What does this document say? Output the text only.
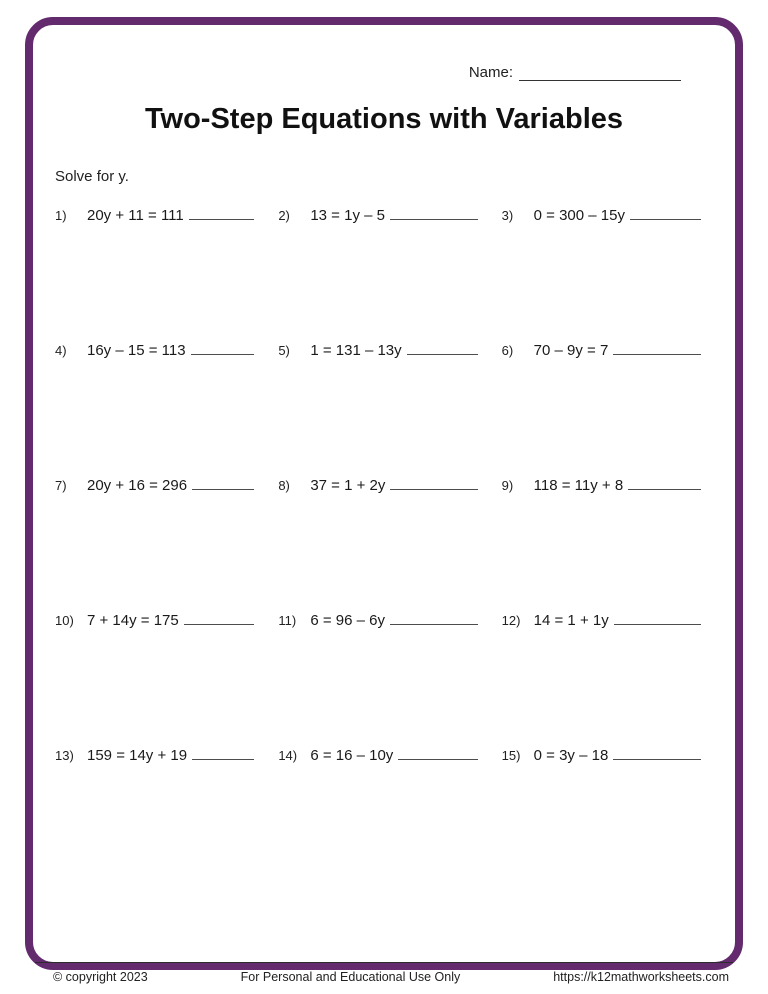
Name:
Two-Step Equations with Variables
Solve for y.
1)	20y + 11 = 111	2)	13 = 1y – 5	3)	0 = 300 – 15y
4)	16y – 15 = 113	5)	1 = 131 – 13y	6)	70 – 9y = 7
7)	20y + 16 = 296	8)	37 = 1 + 2y	9)	118 = 11y + 8
10) 7 + 14y = 175	11) 6 = 96 – 6y	12) 14 = 1 + 1y
13) 159 = 14y + 19	14) 6 = 16 – 10y	15) 0 = 3y – 18
© copyright 2023	For Personal and Educational Use Only	https://k12mathworksheets.com
